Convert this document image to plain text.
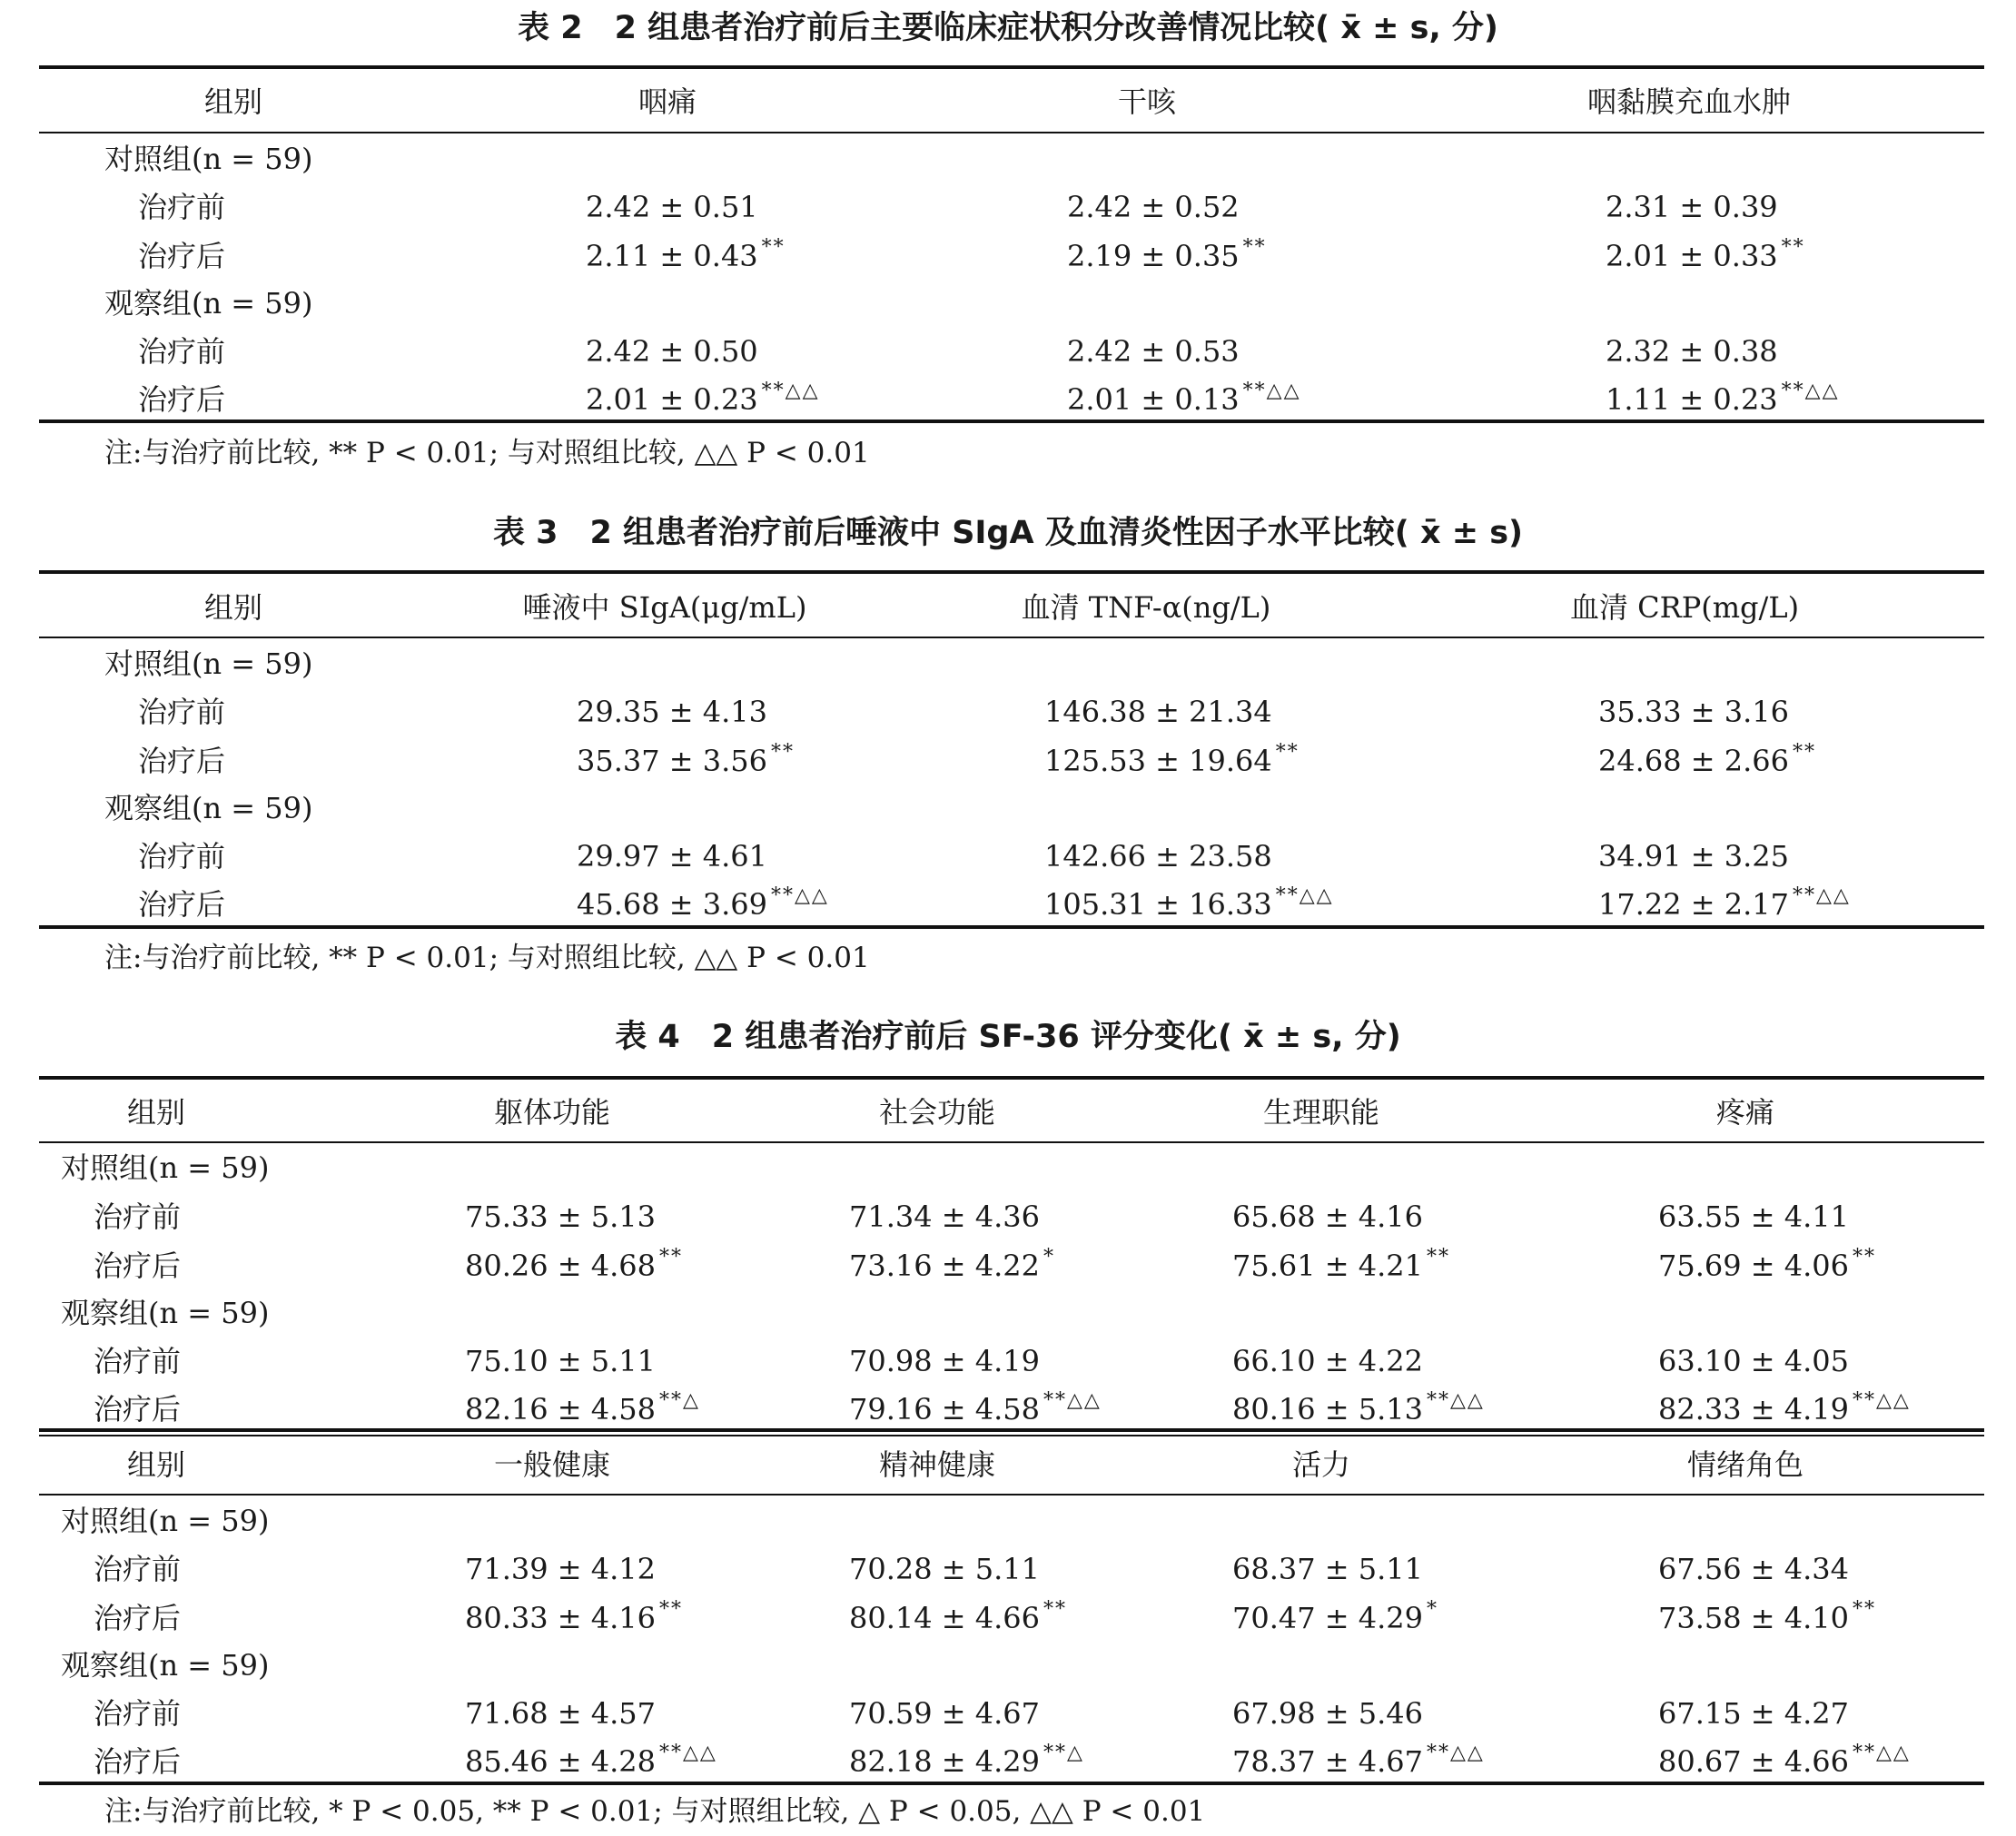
表 2　2 组患者治疗前后主要临床症状积分改善情况比较( x̄ ± s, 分)
组别	咽痛	干咳	咽黏膜充血水肿
对照组(n = 59)
治疗前	2.42 ± 0.51	2.42 ± 0.52	2.31 ± 0.39
治疗后	2.11 ± 0.43 **	2.19 ± 0.35 **	2.01 ± 0.33 **
观察组(n = 59)
治疗前	2.42 ± 0.50	2.42 ± 0.53	2.32 ± 0.38
治疗后	2.01 ± 0.23 **△△	2.01 ± 0.13 **△△	1.11 ± 0.23 **△△
注:与治疗前比较, ** P < 0.01; 与对照组比较, △△ P < 0.01
表 3　2 组患者治疗前后唾液中 SIgA 及血清炎性因子水平比较( x̄ ± s)
组别	唾液中 SIgA(μg/mL)	血清 TNF-α(ng/L)	血清 CRP(mg/L)
对照组(n = 59)
治疗前	29.35 ± 4.13	146.38 ± 21.34	35.33 ± 3.16
治疗后	35.37 ± 3.56 **	125.53 ± 19.64 **	24.68 ± 2.66 **
观察组(n = 59)
治疗前	29.97 ± 4.61	142.66 ± 23.58	34.91 ± 3.25
治疗后	45.68 ± 3.69 **△△	105.31 ± 16.33 **△△	17.22 ± 2.17 **△△
注:与治疗前比较, ** P < 0.01; 与对照组比较, △△ P < 0.01
表 4　2 组患者治疗前后 SF-36 评分变化( x̄ ± s, 分)
组别	躯体功能	社会功能	生理职能	疼痛
对照组(n = 59)
治疗前	75.33 ± 5.13	71.34 ± 4.36	65.68 ± 4.16	63.55 ± 4.11
治疗后	80.26 ± 4.68 **	73.16 ± 4.22 *	75.61 ± 4.21 **	75.69 ± 4.06 **
观察组(n = 59)
治疗前	75.10 ± 5.11	70.98 ± 4.19	66.10 ± 4.22	63.10 ± 4.05
治疗后	82.16 ± 4.58 **△	79.16 ± 4.58 **△△	80.16 ± 5.13 **△△	82.33 ± 4.19 **△△
组别	一般健康	精神健康	活力	情绪角色
对照组(n = 59)
治疗前	71.39 ± 4.12	70.28 ± 5.11	68.37 ± 5.11	67.56 ± 4.34
治疗后	80.33 ± 4.16 **	80.14 ± 4.66 **	70.47 ± 4.29 *	73.58 ± 4.10 **
观察组(n = 59)
治疗前	71.68 ± 4.57	70.59 ± 4.67	67.98 ± 5.46	67.15 ± 4.27
治疗后	85.46 ± 4.28 **△△	82.18 ± 4.29 **△	78.37 ± 4.67 **△△	80.67 ± 4.66 **△△
注:与治疗前比较, * P < 0.05, ** P < 0.01; 与对照组比较, △ P < 0.05, △△ P < 0.01
